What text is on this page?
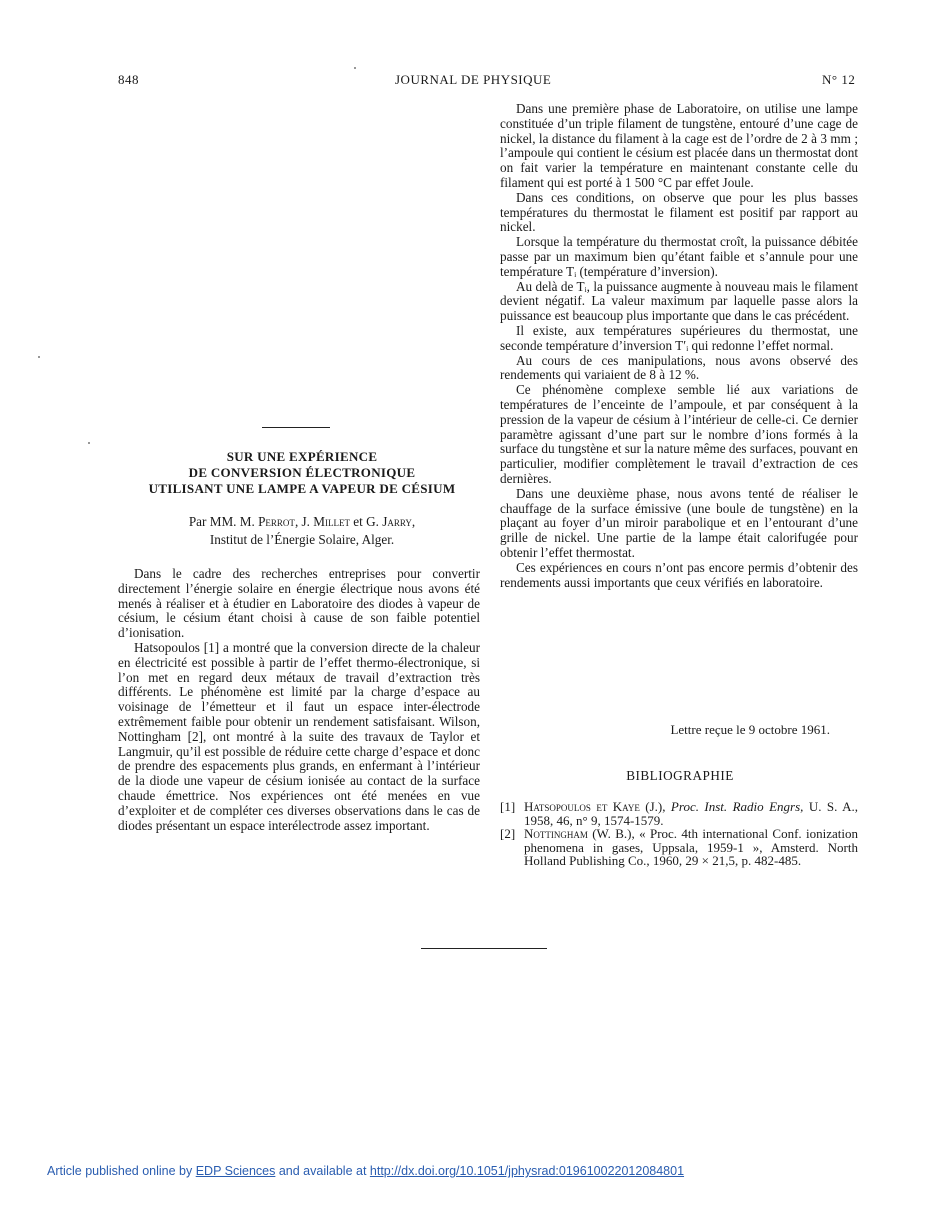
848	JOURNAL DE PHYSIQUE	N° 12
SUR UNE EXPÉRIENCE
DE CONVERSION ÉLECTRONIQUE
UTILISANT UNE LAMPE A VAPEUR DE CÉSIUM
Par MM. M. Perrot, J. Millet et G. Jarry,
Institut de l’Énergie Solaire, Alger.

Dans le cadre des recherches entreprises pour convertir directement l’énergie solaire en énergie électrique nous avons été menés à réaliser et à étudier en Laboratoire des diodes à vapeur de césium, le césium étant choisi à cause de son faible potentiel d’ionisation.

Hatsopoulos [1] a montré que la conversion directe de la chaleur en électricité est possible à partir de l’effet thermo-électronique, si l’on met en regard deux métaux de travail d’extraction très différents. Le phénomène est limité par la charge d’espace au voisinage de l’émetteur et il faut un espace inter-électrode extrêmement faible pour obtenir un rendement satisfaisant. Wilson, Nottingham [2], ont montré à la suite des travaux de Taylor et Langmuir, qu’il est possible de réduire cette charge d’espace et donc de prendre des espacements plus grands, en enfermant à l’intérieur de la diode une vapeur de césium ionisée au contact de la surface chaude émettrice. Nos expériences ont été menées en vue d’exploiter et de compléter ces diverses observations dans le cas de diodes présentant un espace interélectrode assez important.

Dans une première phase de Laboratoire, on utilise une lampe constituée d’un triple filament de tungstène, entouré d’une cage de nickel, la distance du filament à la cage est de l’ordre de 2 à 3 mm ; l’ampoule qui contient le césium est placée dans un thermostat dont on fait varier la température en maintenant constante celle du filament qui est porté à 1 500 °C par effet Joule.

Dans ces conditions, on observe que pour les plus basses températures du thermostat le filament est positif par rapport au nickel.

Lorsque la température du thermostat croît, la puissance débitée passe par un maximum bien qu’étant faible et s’annule pour une température Tᵢ (température d’inversion).

Au delà de Tᵢ, la puissance augmente à nouveau mais le filament devient négatif. La valeur maximum par laquelle passe alors la puissance est beaucoup plus importante que dans le cas précédent.

Il existe, aux températures supérieures du thermostat, une seconde température d’inversion T′ᵢ qui redonne l’effet normal.

Au cours de ces manipulations, nous avons observé des rendements qui variaient de 8 à 12 %.

Ce phénomène complexe semble lié aux variations de températures de l’enceinte de l’ampoule, et par conséquent à la pression de la vapeur de césium à l’intérieur de celle-ci. Ce dernier paramètre agissant d’une part sur le nombre d’ions formés à la surface du tungstène et sur la nature même des surfaces, pouvant en particulier, modifier complètement le travail d’extraction de ces dernières.

Dans une deuxième phase, nous avons tenté de réaliser le chauffage de la surface émissive (une boule de tungstène) en la plaçant au foyer d’un miroir parabolique et en l’entourant d’une grille de nickel. Une partie de la lampe était calorifugée pour obtenir l’effet thermostat.

Ces expériences en cours n’ont pas encore permis d’obtenir des rendements aussi importants que ceux vérifiés en laboratoire.

Lettre reçue le 9 octobre 1961.
BIBLIOGRAPHIE
[1] Hatsopoulos et Kaye (J.), Proc. Inst. Radio Engrs, U. S. A., 1958, 46, n° 9, 1574-1579.
[2] Nottingham (W. B.), « Proc. 4th international Conf. ionization phenomena in gases, Uppsala, 1959-1 », Amsterd. North Holland Publishing Co., 1960, 29 × 21,5, p. 482-485.
Article published online by EDP Sciences and available at http://dx.doi.org/10.1051/jphysrad:019610022012084801
